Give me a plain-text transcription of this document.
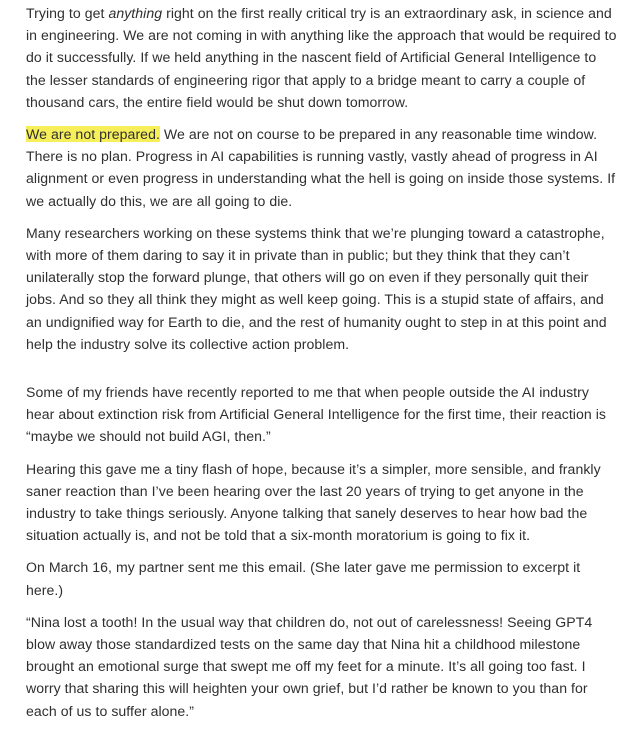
Trying to get anything right on the first really critical try is an extraordinary ask, in science and in engineering. We are not coming in with anything like the approach that would be required to do it successfully. If we held anything in the nascent field of Artificial General Intelligence to the lesser standards of engineering rigor that apply to a bridge meant to carry a couple of thousand cars, the entire field would be shut down tomorrow.

We are not prepared. We are not on course to be prepared in any reasonable time window. There is no plan. Progress in AI capabilities is running vastly, vastly ahead of progress in AI alignment or even progress in understanding what the hell is going on inside those systems. If we actually do this, we are all going to die.

Many researchers working on these systems think that we’re plunging toward a catastrophe, with more of them daring to say it in private than in public; but they think that they can’t unilaterally stop the forward plunge, that others will go on even if they personally quit their jobs. And so they all think they might as well keep going. This is a stupid state of affairs, and an undignified way for Earth to die, and the rest of humanity ought to step in at this point and help the industry solve its collective action problem.

Some of my friends have recently reported to me that when people outside the AI industry hear about extinction risk from Artificial General Intelligence for the first time, their reaction is “maybe we should not build AGI, then.”

Hearing this gave me a tiny flash of hope, because it’s a simpler, more sensible, and frankly saner reaction than I’ve been hearing over the last 20 years of trying to get anyone in the industry to take things seriously. Anyone talking that sanely deserves to hear how bad the situation actually is, and not be told that a six-month moratorium is going to fix it.

On March 16, my partner sent me this email. (She later gave me permission to excerpt it here.)

“Nina lost a tooth! In the usual way that children do, not out of carelessness! Seeing GPT4 blow away those standardized tests on the same day that Nina hit a childhood milestone brought an emotional surge that swept me off my feet for a minute. It’s all going too fast. I worry that sharing this will heighten your own grief, but I’d rather be known to you than for each of us to suffer alone.”
